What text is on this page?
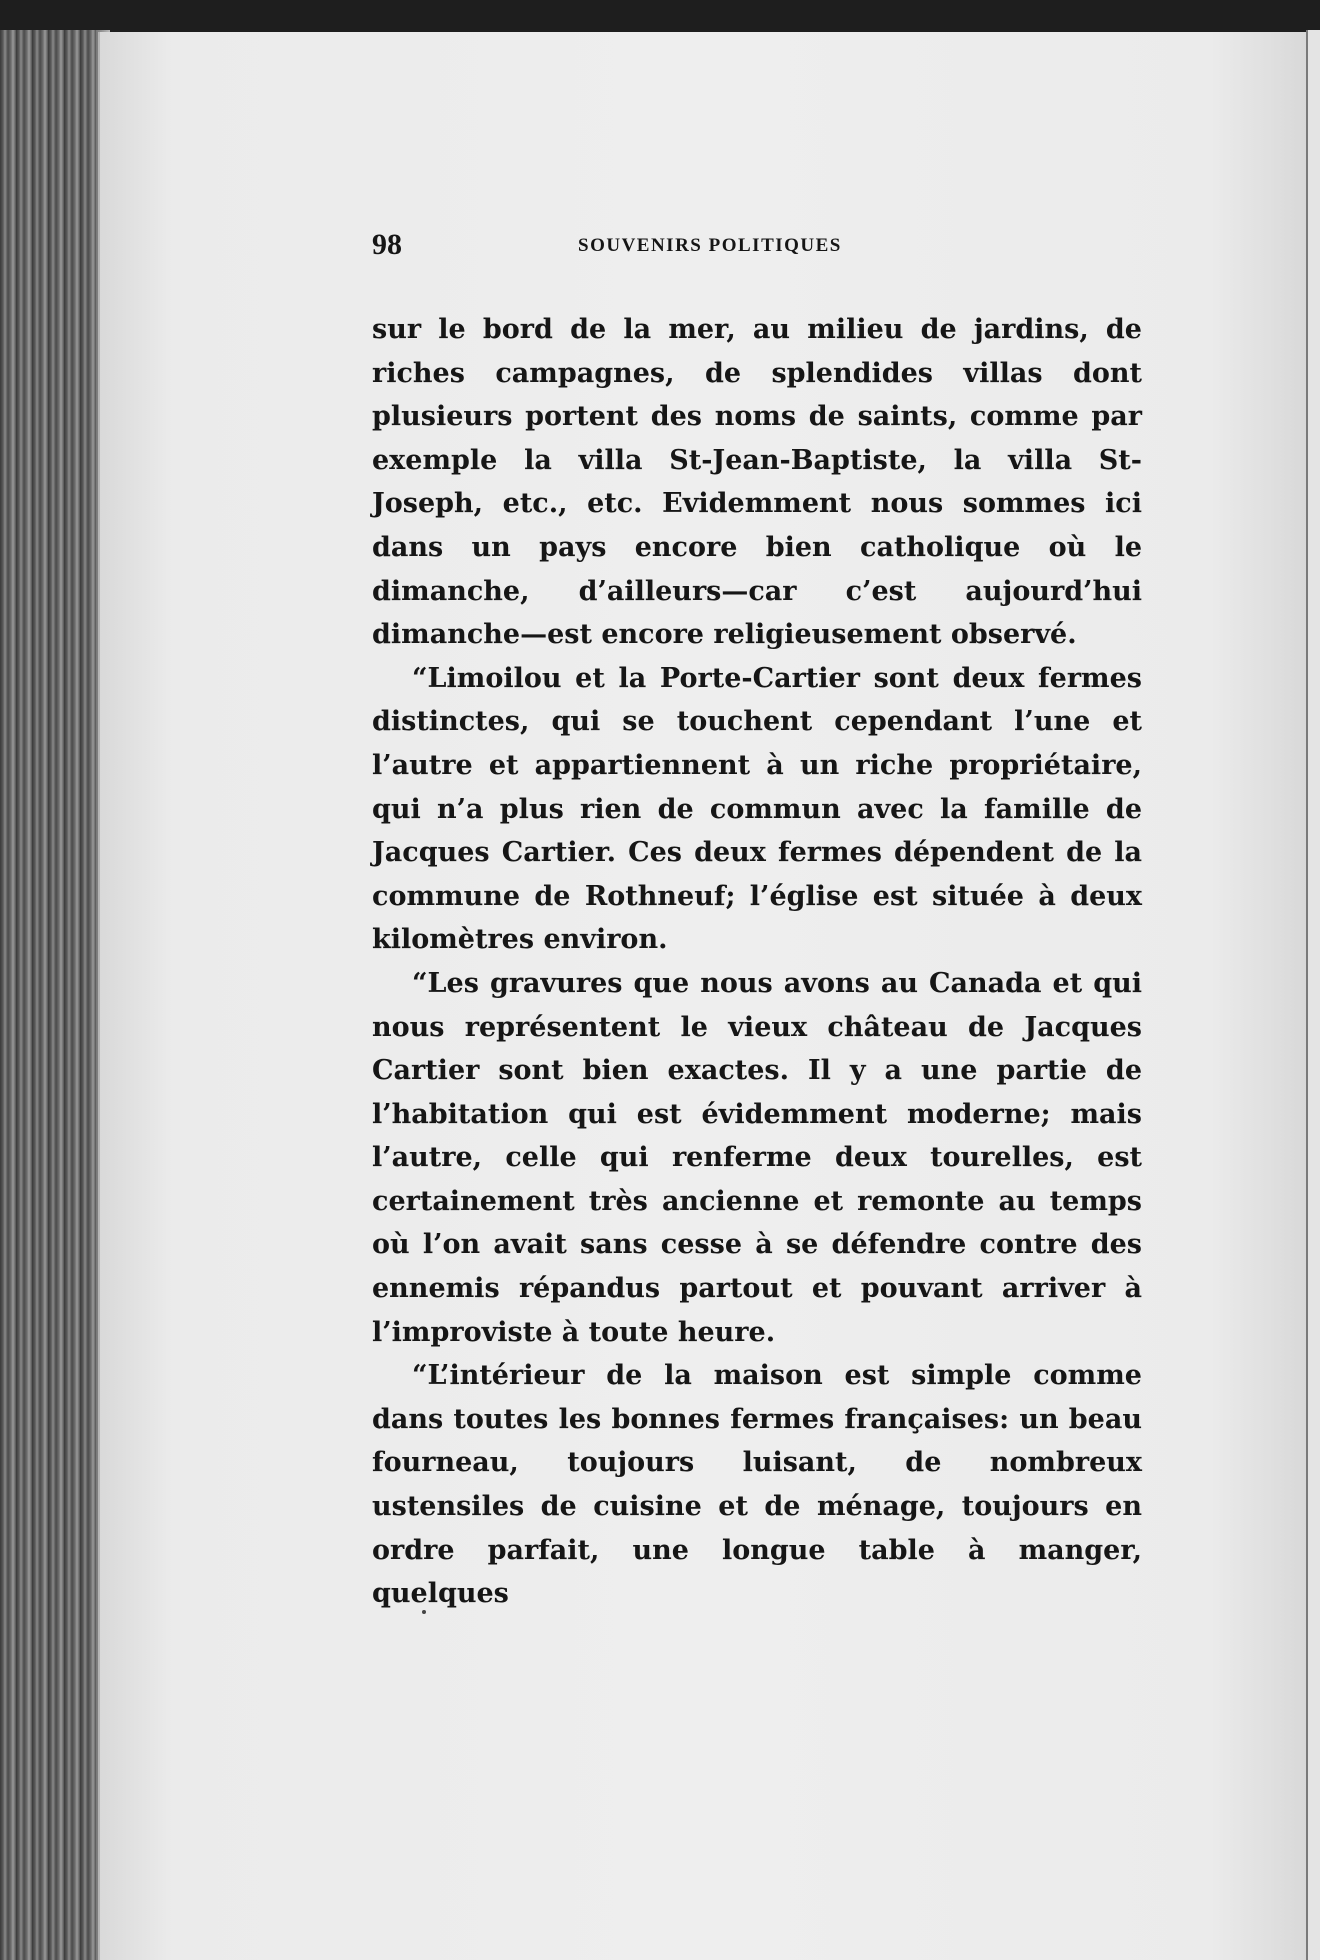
98	SOUVENIRS POLITIQUES

sur le bord de la mer, au milieu de jardins, de riches campagnes, de splendides villas dont plusieurs portent des noms de saints, comme par exemple la villa St-Jean-Baptiste, la villa St-Joseph, etc., etc. Evidemment nous sommes ici dans un pays encore bien catholique où le dimanche, d’ailleurs—car c’est aujourd’hui dimanche—est encore religieusement observé.

“Limoilou et la Porte-Cartier sont deux fermes distinctes, qui se touchent cependant l’une et l’autre et appartiennent à un riche propriétaire, qui n’a plus rien de commun avec la famille de Jacques Cartier. Ces deux fermes dépendent de la commune de Rothneuf; l’église est située à deux kilomètres environ.

“Les gravures que nous avons au Canada et qui nous représentent le vieux château de Jacques Cartier sont bien exactes. Il y a une partie de l’habitation qui est évidemment moderne; mais l’autre, celle qui renferme deux tourelles, est certainement très ancienne et remonte au temps où l’on avait sans cesse à se défendre contre des ennemis répandus partout et pouvant arriver à l’improviste à toute heure.

“L’intérieur de la maison est simple comme dans toutes les bonnes fermes françaises: un beau fourneau, toujours luisant, de nombreux ustensiles de cuisine et de ménage, toujours en ordre parfait, une longue table à manger, quelques
